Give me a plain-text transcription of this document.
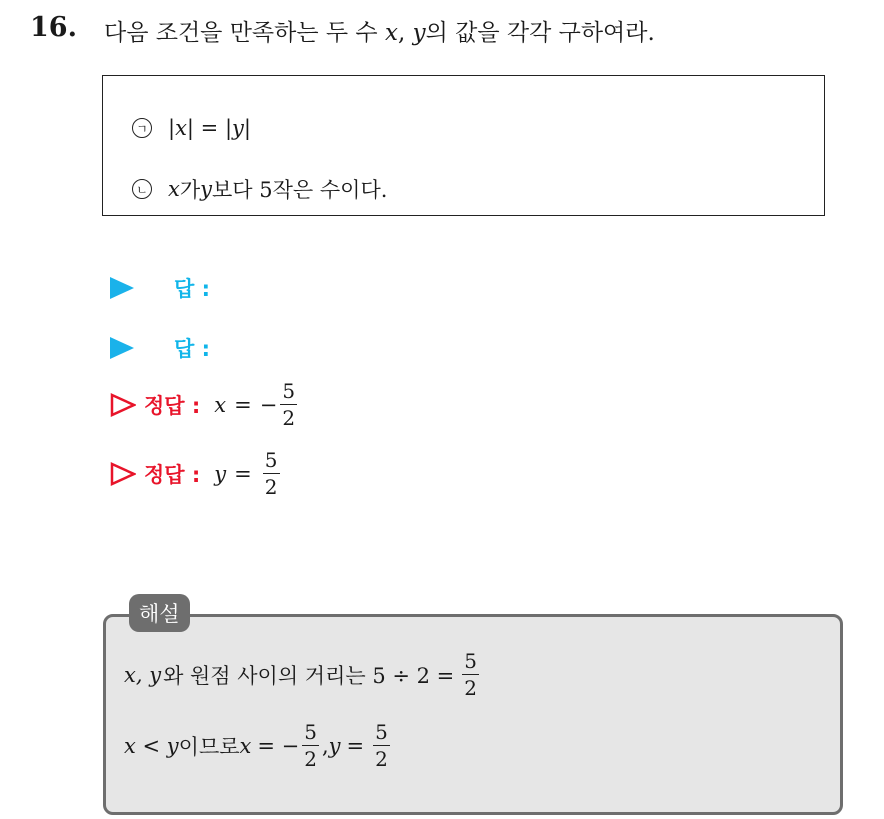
16. 다음 조건을 만족하는 두 수 x, y의 값을 각각 구하여라.
ㄱ |x| = |y|
ㄴ x 가 y 보다 5작은 수이다.
답 :
답 :
정답 : x = − $\frac{5}{2}$
정답 : $y = \frac{5}{2}$
해설
x, y 와 원점 사이의 거리는 $5 \div 2 = \frac{5}{2}$
x < y 이므로 x = − $\frac{5}{2}$ , $y = \frac{5}{2}$
